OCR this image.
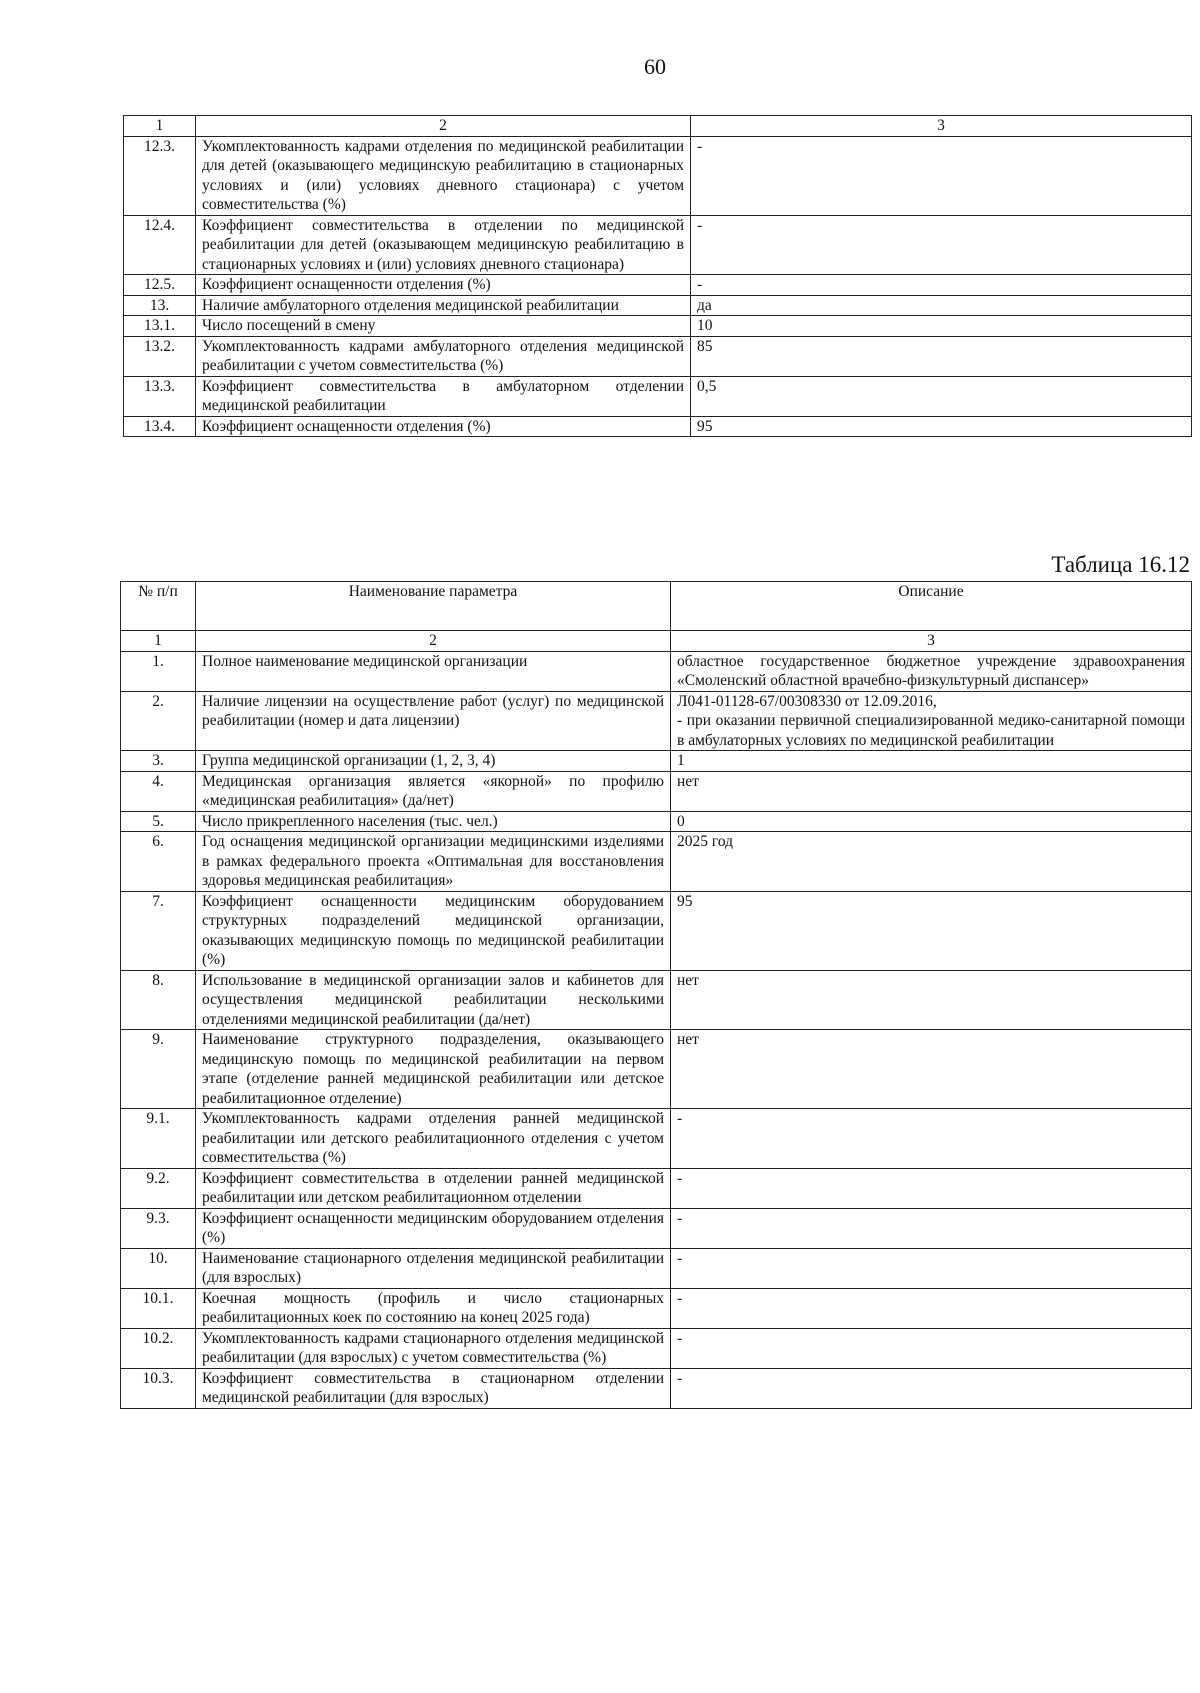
60
1	2	3
12.3.	Укомплектованность кадрами отделения по медицинской реабилитации для детей (оказывающего медицинскую реабилитацию в стационарных условиях и (или) условиях дневного стационара) с учетом совместительства (%)	-

12.4.	Коэффициент совместительства в отделении по медицинской реабилитации для детей (оказывающем медицинскую реабилитацию в стационарных условиях и (или) условиях дневного стационара)	-

12.5.	Коэффициент оснащенности отделения (%)	-

13.	Наличие амбулаторного отделения медицинской реабилитации	да

13.1.	Число посещений в смену	10

13.2.	Укомплектованность кадрами амбулаторного отделения медицинской реабилитации с учетом совместительства (%)	85

13.3.	Коэффициент совместительства в амбулаторном отделении медицинской реабилитации	0,5

13.4.	Коэффициент оснащенности отделения (%)	95
Таблица 16.12
№ п/п	Наименование параметра	Описание
1	2	3
1.	Полное наименование медицинской организации	областное государственное бюджетное учреждение здравоохранения «Смоленский областной врачебно-физкультурный диспансер»

2.	Наличие лицензии на осуществление работ (услуг) по медицинской реабилитации (номер и дата лицензии)	Л041-01128-67/00308330 от 12.09.2016,
- при оказании первичной специализированной медико-санитарной помощи в амбулаторных условиях по медицинской реабилитации

3.	Группа медицинской организации (1, 2, 3, 4)	1

4.	Медицинская организация является «якорной» по профилю «медицинская реабилитация» (да/нет)	нет

5.	Число прикрепленного населения (тыс. чел.)	0

6.	Год оснащения медицинской организации медицинскими изделиями в рамках федерального проекта «Оптимальная для восстановления здоровья медицинская реабилитация»	2025 год

7.	Коэффициент оснащенности медицинским оборудованием структурных подразделений медицинской организации, оказывающих медицинскую помощь по медицинской реабилитации (%)	95

8.	Использование в медицинской организации залов и кабинетов для осуществления медицинской реабилитации несколькими отделениями медицинской реабилитации (да/нет)	нет

9.	Наименование структурного подразделения, оказывающего медицинскую помощь по медицинской реабилитации на первом этапе (отделение ранней медицинской реабилитации или детское реабилитационное отделение)	нет

9.1.	Укомплектованность кадрами отделения ранней медицинской реабилитации или детского реабилитационного отделения с учетом совместительства (%)	-

9.2.	Коэффициент совместительства в отделении ранней медицинской реабилитации или детском реабилитационном отделении	-

9.3.	Коэффициент оснащенности медицинским оборудованием отделения (%)	-

10.	Наименование стационарного отделения медицинской реабилитации (для взрослых)	-

10.1.	Коечная мощность (профиль и число стационарных реабилитационных коек по состоянию на конец 2025 года)	-

10.2.	Укомплектованность кадрами стационарного отделения медицинской реабилитации (для взрослых) с учетом совместительства (%)	-

10.3.	Коэффициент совместительства в стационарном отделении медицинской реабилитации (для взрослых)	-
